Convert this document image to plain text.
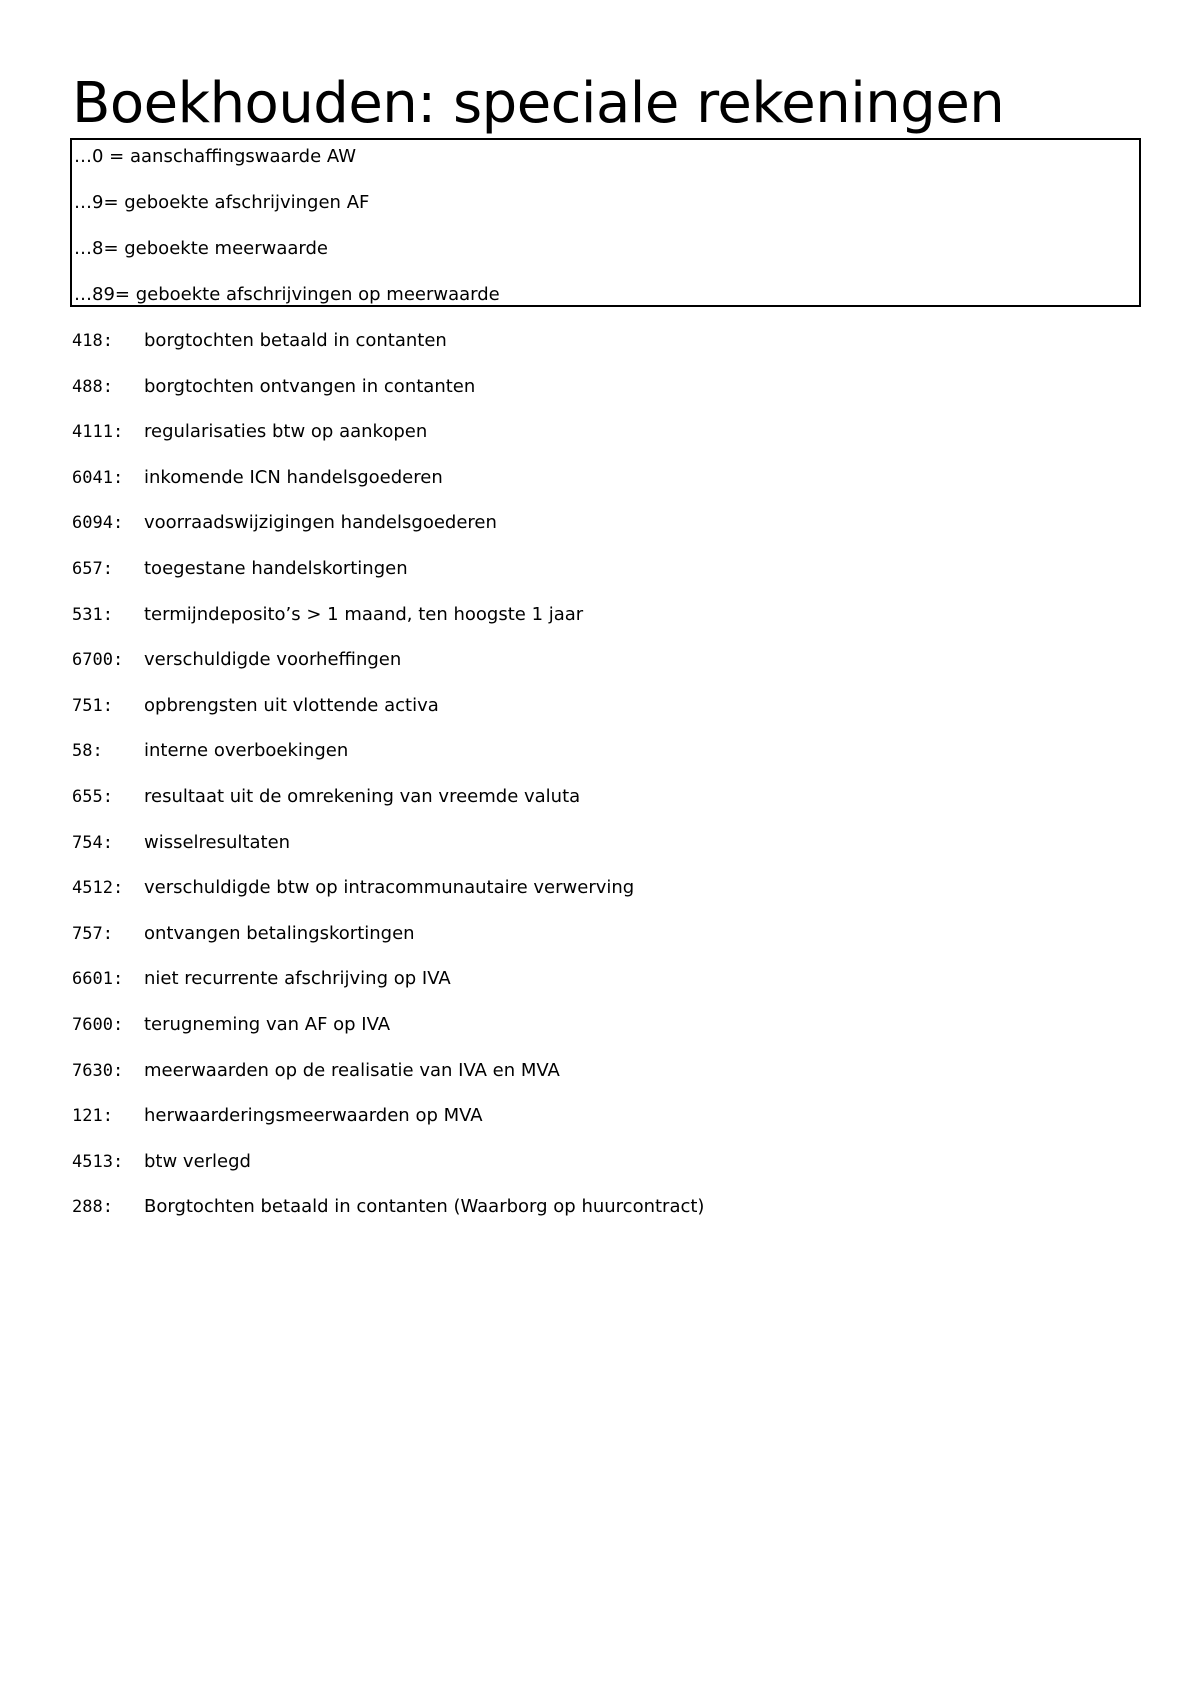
Boekhouden: speciale rekeningen
…0 = aanschaffingswaarde AW
…9= geboekte afschrijvingen AF
…8= geboekte meerwaarde
…89= geboekte afschrijvingen op meerwaarde
418: borgtochten betaald in contanten
488: borgtochten ontvangen in contanten
4111: regularisaties btw op aankopen
6041: inkomende ICN handelsgoederen
6094: voorraadswijzigingen handelsgoederen
657: toegestane handelskortingen
531: termijndeposito’s > 1 maand, ten hoogste 1 jaar
6700: verschuldigde voorheffingen
751: opbrengsten uit vlottende activa
58: interne overboekingen
655: resultaat uit de omrekening van vreemde valuta
754: wisselresultaten
4512: verschuldigde btw op intracommunautaire verwerving
757: ontvangen betalingskortingen
6601: niet recurrente afschrijving op IVA
7600: terugneming van AF op IVA
7630: meerwaarden op de realisatie van IVA en MVA
121: herwaarderingsmeerwaarden op MVA
4513: btw verlegd
288: Borgtochten betaald in contanten (Waarborg op huurcontract)
